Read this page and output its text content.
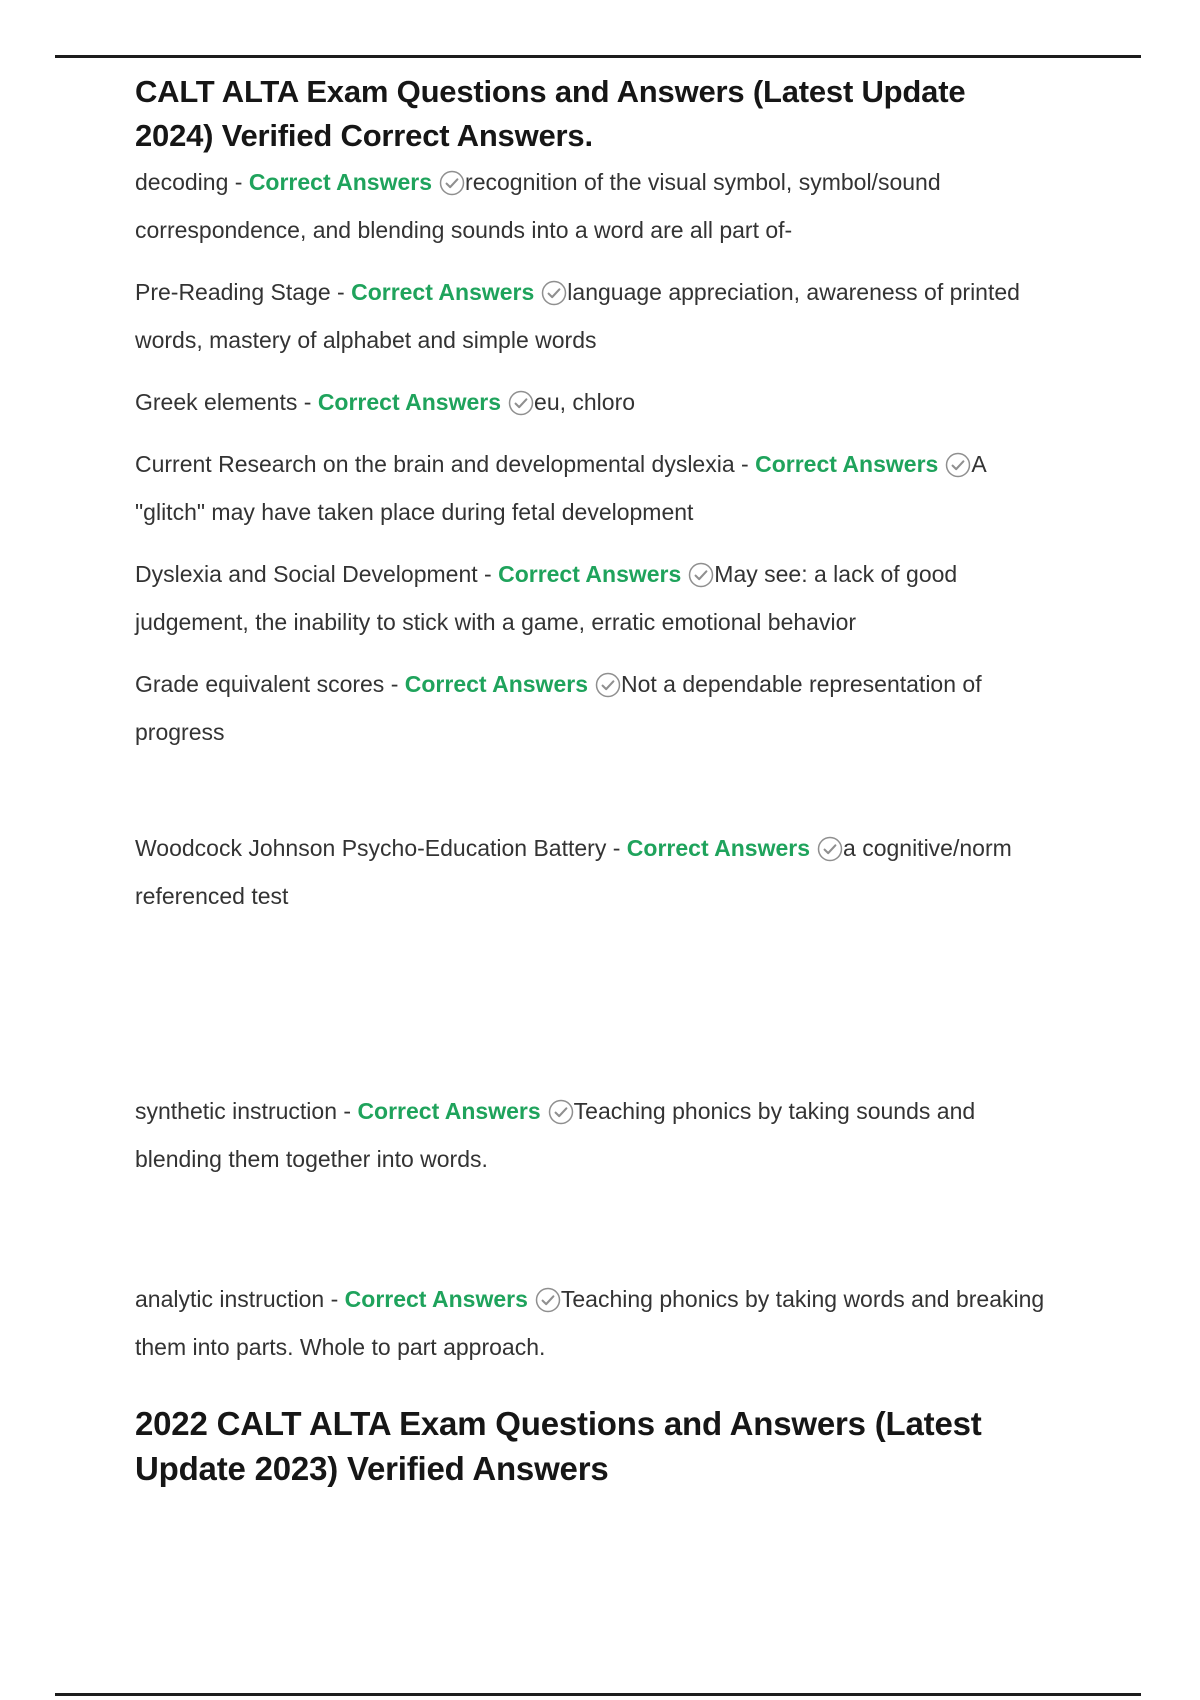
CALT ALTA Exam Questions and Answers (Latest Update 2024) Verified Correct Answers.

decoding - Correct Answers recognition of the visual symbol, symbol/sound correspondence, and blending sounds into a word are all part of-

Pre-Reading Stage - Correct Answers language appreciation, awareness of printed words, mastery of alphabet and simple words

Greek elements - Correct Answers eu, chloro

Current Research on the brain and developmental dyslexia - Correct Answers A "glitch" may have taken place during fetal development

Dyslexia and Social Development - Correct Answers May see: a lack of good judgement, the inability to stick with a game, erratic emotional behavior

Grade equivalent scores - Correct Answers Not a dependable representation of progress

Woodcock Johnson Psycho-Education Battery - Correct Answers a cognitive/norm referenced test

synthetic instruction - Correct Answers Teaching phonics by taking sounds and blending them together into words.

analytic instruction - Correct Answers Teaching phonics by taking words and breaking them into parts. Whole to part approach.

2022 CALT ALTA Exam Questions and Answers (Latest Update 2023) Verified Answers
